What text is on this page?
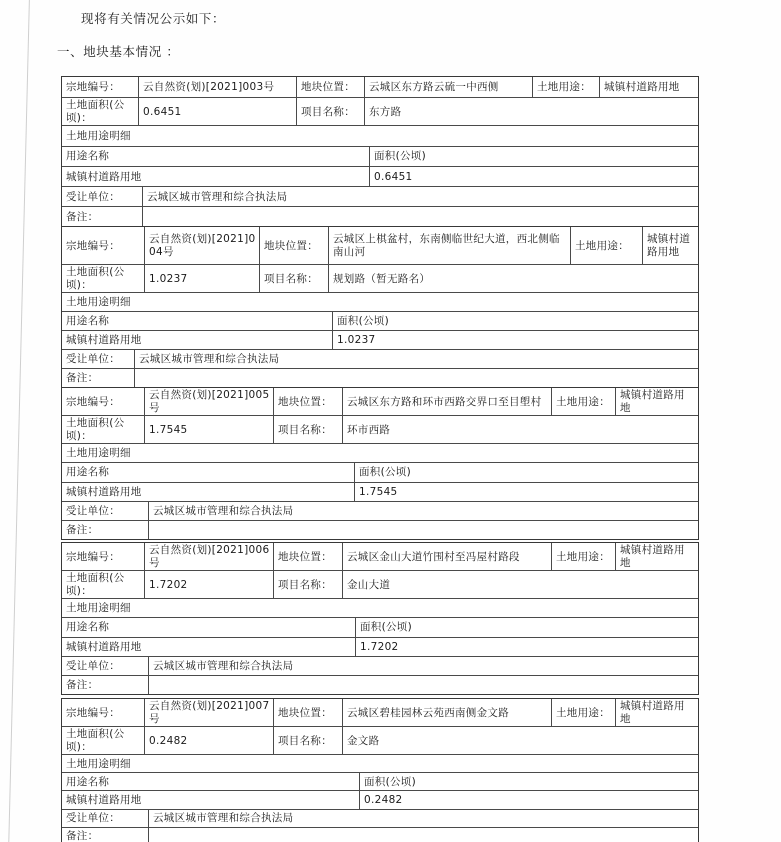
现将有关情况公示如下：
一、地块基本情况 ：
宗地编号：	云自然资(划)[2021]003号	地块位置：	云城区东方路云硫一中西侧	土地用途：	城镇村道路用地
土地面积(公顷)：
0.6451	项目名称：	东方路
土地用途明细
用途名称	面积(公顷)
城镇村道路用地	0.6451
受让单位：	云城区城市管理和综合执法局
备注：
宗地编号：
云自然资(划)[2021]004号
地块位置：
云城区上棋盆村，东南侧临世纪大道，西北侧临南山河
土地用途：
城镇村道路用地
土地面积(公顷)：
1.0237	项目名称：	规划路（暂无路名）
土地用途明细
用途名称	面积(公顷)
城镇村道路用地	1.0237
受让单位：	云城区城市管理和综合执法局
备注：
宗地编号：
云自然资(划)[2021]005号
地块位置：	云城区东方路和环市西路交界口至目塱村	土地用途：
城镇村道路用地
土地面积(公顷)：
1.7545	项目名称：	环市西路
土地用途明细
用途名称	面积(公顷)
城镇村道路用地	1.7545
受让单位：	云城区城市管理和综合执法局
备注：
宗地编号：
云自然资(划)[2021]006号
地块位置：	云城区金山大道竹围村至冯屋村路段	土地用途：
城镇村道路用地
土地面积(公顷)：
1.7202	项目名称：	金山大道
土地用途明细
用途名称	面积(公顷)
城镇村道路用地	1.7202
受让单位：	云城区城市管理和综合执法局
备注：
宗地编号：
云自然资(划)[2021]007号
地块位置：	云城区碧桂园林云苑西南侧金文路	土地用途：
城镇村道路用地
土地面积(公顷)：
0.2482	项目名称：	金文路
土地用途明细
用途名称	面积(公顷)
城镇村道路用地	0.2482
受让单位：	云城区城市管理和综合执法局
备注：
